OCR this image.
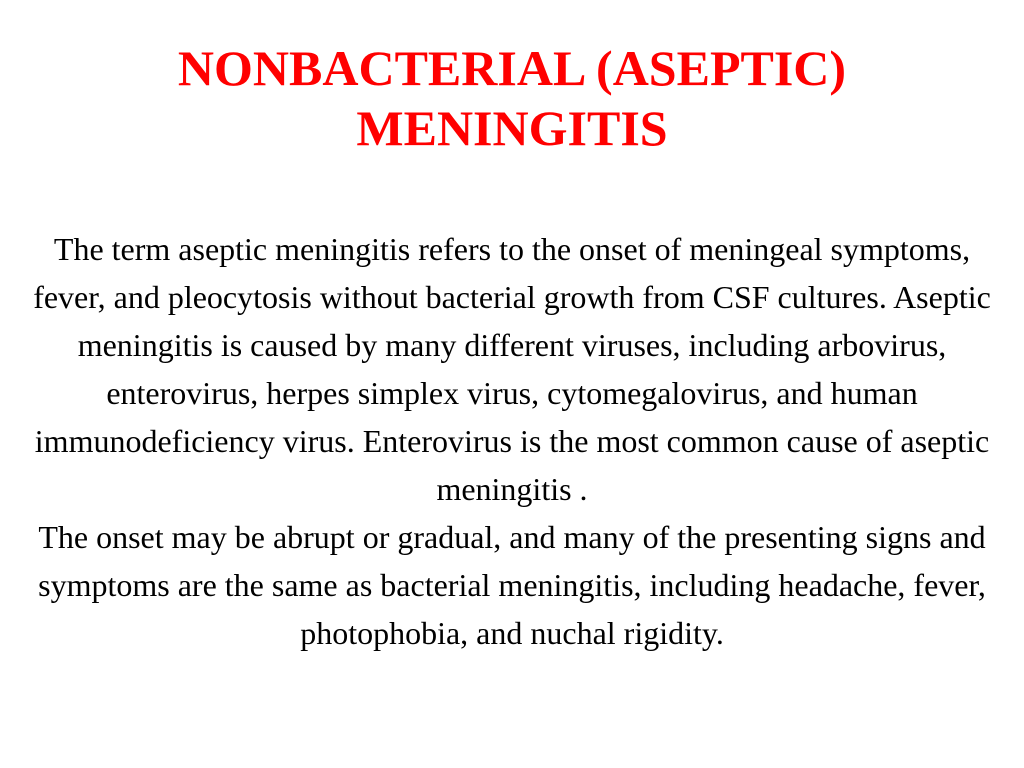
NONBACTERIAL (ASEPTIC)
MENINGITIS

The term aseptic meningitis refers to the onset of meningeal symptoms, fever, and pleocytosis without bacterial growth from CSF cultures. Aseptic meningitis is caused by many different viruses, including arbovirus, enterovirus, herpes simplex virus, cytomegalovirus, and human immunodeficiency virus. Enterovirus is the most common cause of aseptic meningitis .

The onset may be abrupt or gradual, and many of the presenting signs and symptoms are the same as bacterial meningitis, including headache, fever, photophobia, and nuchal rigidity.
